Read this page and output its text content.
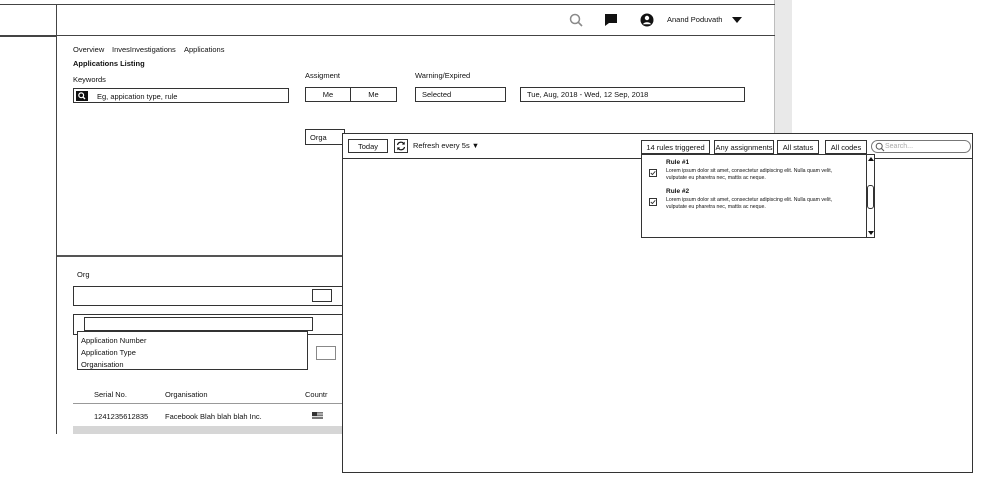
Anand Poduvath
Overview InvesInvestigations Applications
Applications Listing
Keywords
Eg, appication type, rule
Assigment
Me	Me
Warning/Expired
Selected	Tue, Aug, 2018 - Wed, 12 Sep, 2018
Orga
Org
Application Number
Application Type
Organisation
Serial No.	Organisation	Countr
1241235612835 Facebook Blah blah blah Inc.
Today	Refresh every 5s ▼	14 rules triggered	Any assignments	All status	All codes	Search...
Rule #1
Lorem ipsum dolor sit amet, consectetur adipiscing elit. Nulla quam velit,
vulputate eu pharetra nec, mattis ac neque.
Rule #2
Lorem ipsum dolor sit amet, consectetur adipiscing elit. Nulla quam velit,
vulputate eu pharetra nec, mattis ac neque.
